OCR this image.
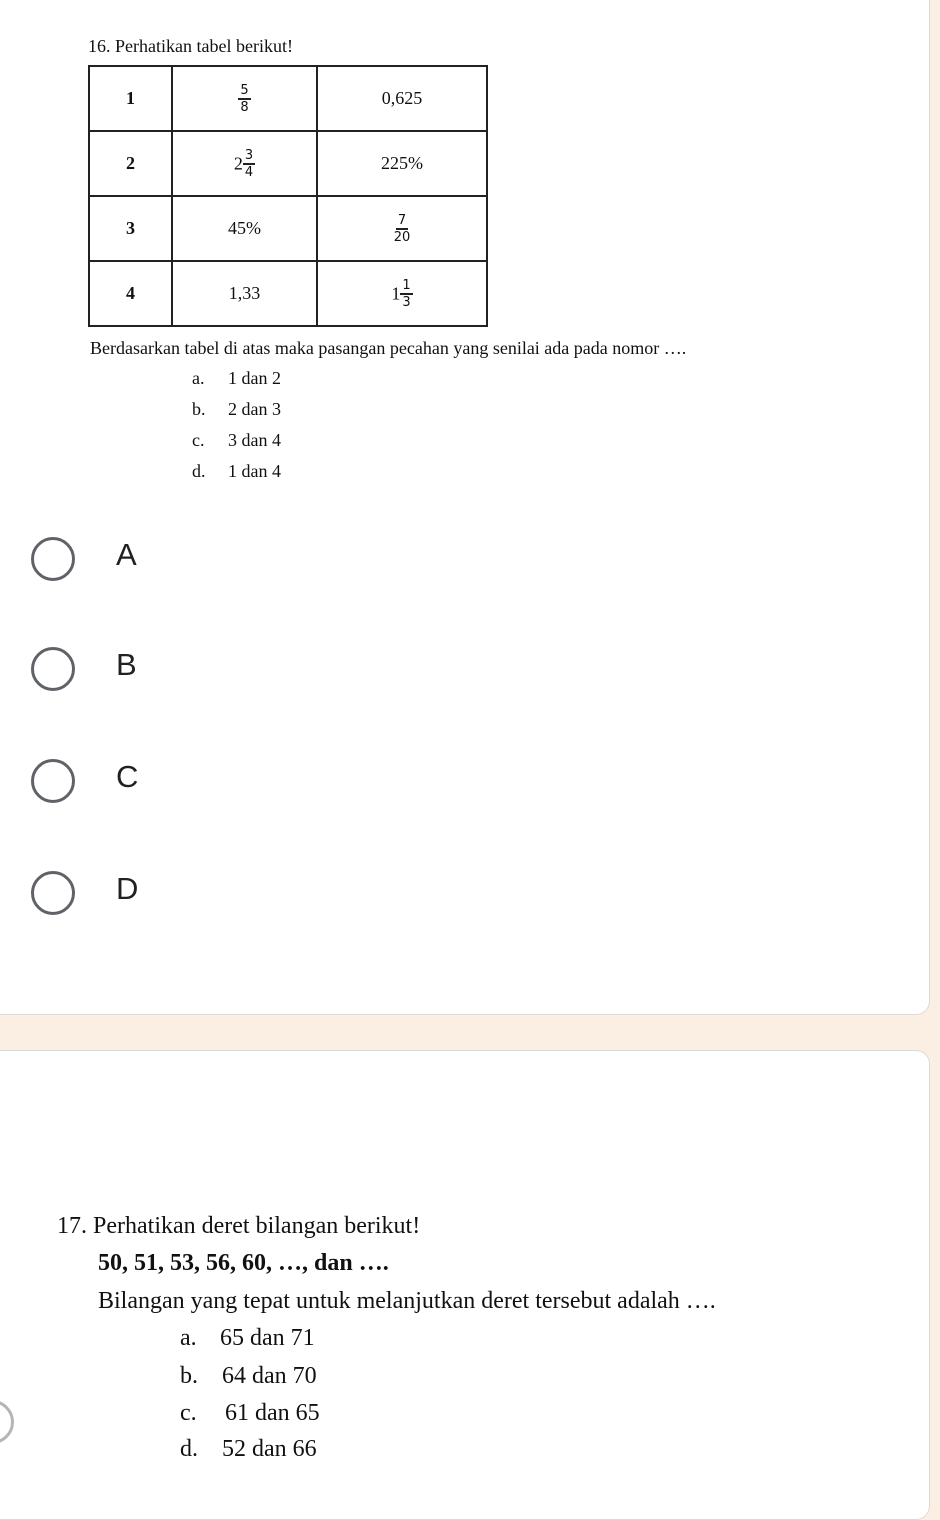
16. Perhatikan tabel berikut!
1	$\frac{5}{8}$	0,625
2	$2 \frac{3}{4}$	225%
3	45%	$\frac{7}{20}$

4	1,33	$1 \frac{1}{3}$
Berdasarkan tabel di atas maka pasangan pecahan yang senilai ada pada nomor ….
a. 1 dan 2
b. 2 dan 3
c. 3 dan 4
d. 1 dan 4
A
B
C
D
17. Perhatikan deret bilangan berikut!
50, 51, 53, 56, 60, …, dan ….
Bilangan yang tepat untuk melanjutkan deret tersebut adalah ….
a. 65 dan 71
b. 64 dan 70
c. 61 dan 65
d. 52 dan 66
